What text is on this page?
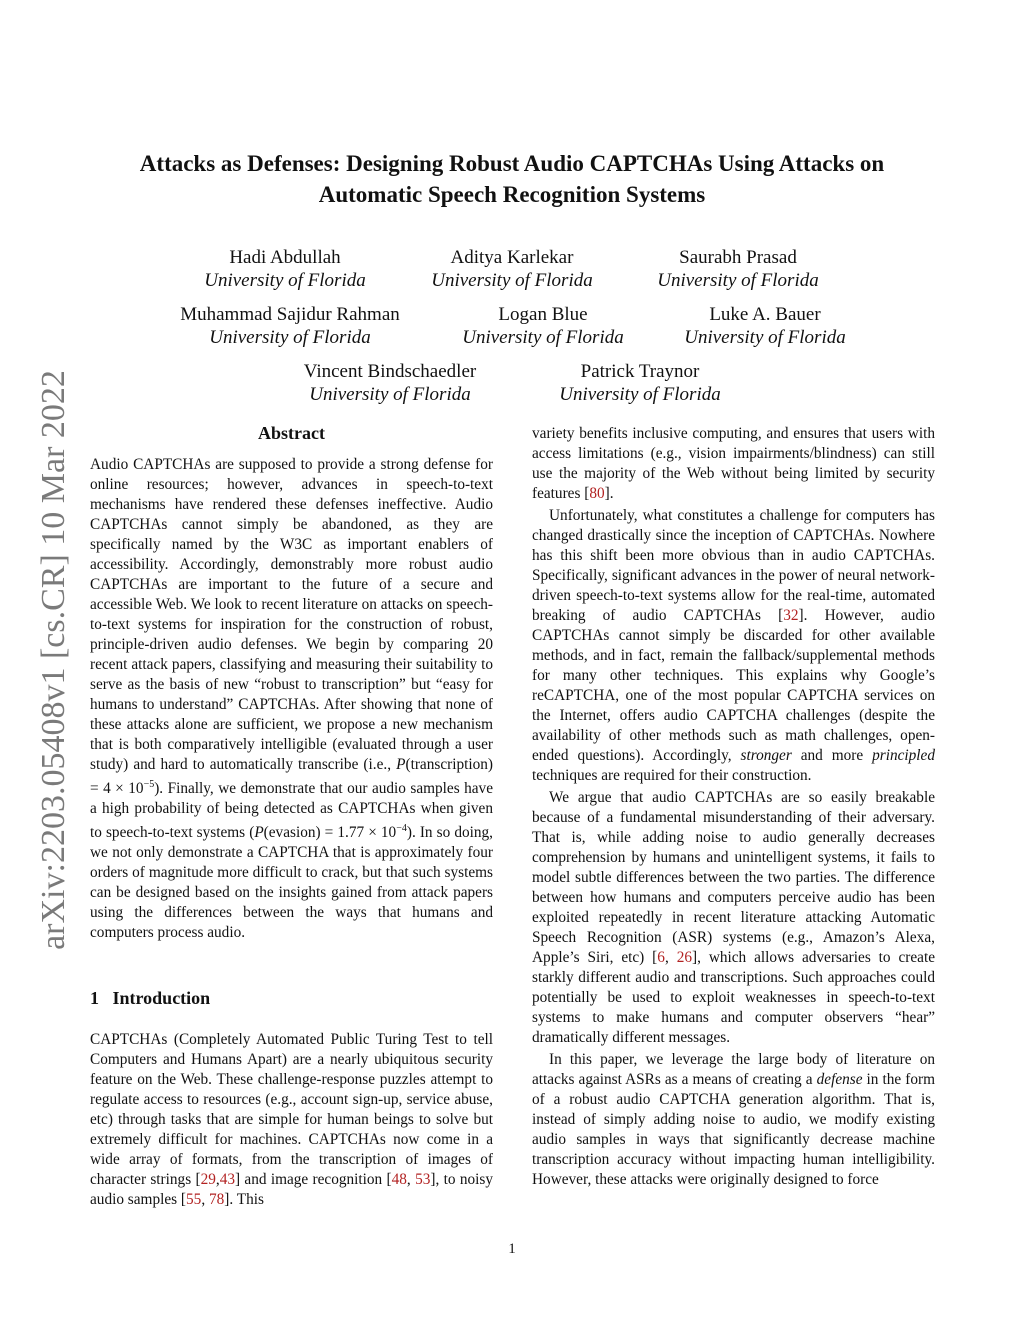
arXiv:2203.05408v1 [cs.CR] 10 Mar 2022
Attacks as Defenses: Designing Robust Audio CAPTCHAs Using Attacks on
Automatic Speech Recognition Systems
Hadi Abdullah
University of Florida
Aditya Karlekar
University of Florida
Saurabh Prasad
University of Florida
Muhammad Sajidur Rahman
University of Florida
Logan Blue
University of Florida
Luke A. Bauer
University of Florida
Vincent Bindschaedler
University of Florida
Patrick Traynor
University of Florida
Abstract

Audio CAPTCHAs are supposed to provide a strong defense for online resources; however, advances in speech-to-text mechanisms have rendered these defenses ineffective. Audio CAPTCHAs cannot simply be abandoned, as they are specifically named by the W3C as important enablers of accessibility. Accordingly, demonstrably more robust audio CAPTCHAs are important to the future of a secure and accessible Web. We look to recent literature on attacks on speech-to-text systems for inspiration for the construction of robust, principle-driven audio defenses. We begin by comparing 20 recent attack papers, classifying and measuring their suitability to serve as the basis of new “robust to transcription” but “easy for humans to understand” CAPTCHAs. After showing that none of these attacks alone are sufficient, we propose a new mechanism that is both comparatively intelligible (evaluated through a user study) and hard to automatically transcribe (i.e., P(transcription) = $4 \times 10^{-5}$). Finally, we demonstrate that our audio samples have a high probability of being detected as CAPTCHAs when given to speech-to-text systems (P(evasion) = $1.77 \times 10^{-4}$). In so doing, we not only demonstrate a CAPTCHA that is approximately four orders of magnitude more difficult to crack, but that such systems can be designed based on the insights gained from attack papers using the differences between the ways that humans and computers process audio.

1   Introduction

CAPTCHAs (Completely Automated Public Turing Test to tell Computers and Humans Apart) are a nearly ubiquitous security feature on the Web. These challenge-response puzzles attempt to regulate access to resources (e.g., account sign-up, service abuse, etc) through tasks that are simple for human beings to solve but extremely difficult for machines. CAPTCHAs now come in a wide array of formats, from the transcription of images of character strings [29,43] and image recognition [48, 53], to noisy audio samples [55, 78]. This

variety benefits inclusive computing, and ensures that users with access limitations (e.g., vision impairments/blindness) can still use the majority of the Web without being limited by security features [80].

Unfortunately, what constitutes a challenge for computers has changed drastically since the inception of CAPTCHAs. Nowhere has this shift been more obvious than in audio CAPTCHAs. Specifically, significant advances in the power of neural network-driven speech-to-text systems allow for the real-time, automated breaking of audio CAPTCHAs [32]. However, audio CAPTCHAs cannot simply be discarded for other available methods, and in fact, remain the fallback/supplemental methods for many other techniques. This explains why Google’s reCAPTCHA, one of the most popular CAPTCHA services on the Internet, offers audio CAPTCHA challenges (despite the availability of other methods such as math challenges, open-ended questions). Accordingly, stronger and more principled techniques are required for their construction.

We argue that audio CAPTCHAs are so easily breakable because of a fundamental misunderstanding of their adversary. That is, while adding noise to audio generally decreases comprehension by humans and unintelligent systems, it fails to model subtle differences between the two parties. The difference between how humans and computers perceive audio has been exploited repeatedly in recent literature attacking Automatic Speech Recognition (ASR) systems (e.g., Amazon’s Alexa, Apple’s Siri, etc) [6, 26], which allows adversaries to create starkly different audio and transcriptions. Such approaches could potentially be used to exploit weaknesses in speech-to-text systems to make humans and computer observers “hear” dramatically different messages.

In this paper, we leverage the large body of literature on attacks against ASRs as a means of creating a defense in the form of a robust audio CAPTCHA generation algorithm. That is, instead of simply adding noise to audio, we modify existing audio samples in ways that significantly decrease machine transcription accuracy without impacting human intelligibility. However, these attacks were originally designed to force

1
